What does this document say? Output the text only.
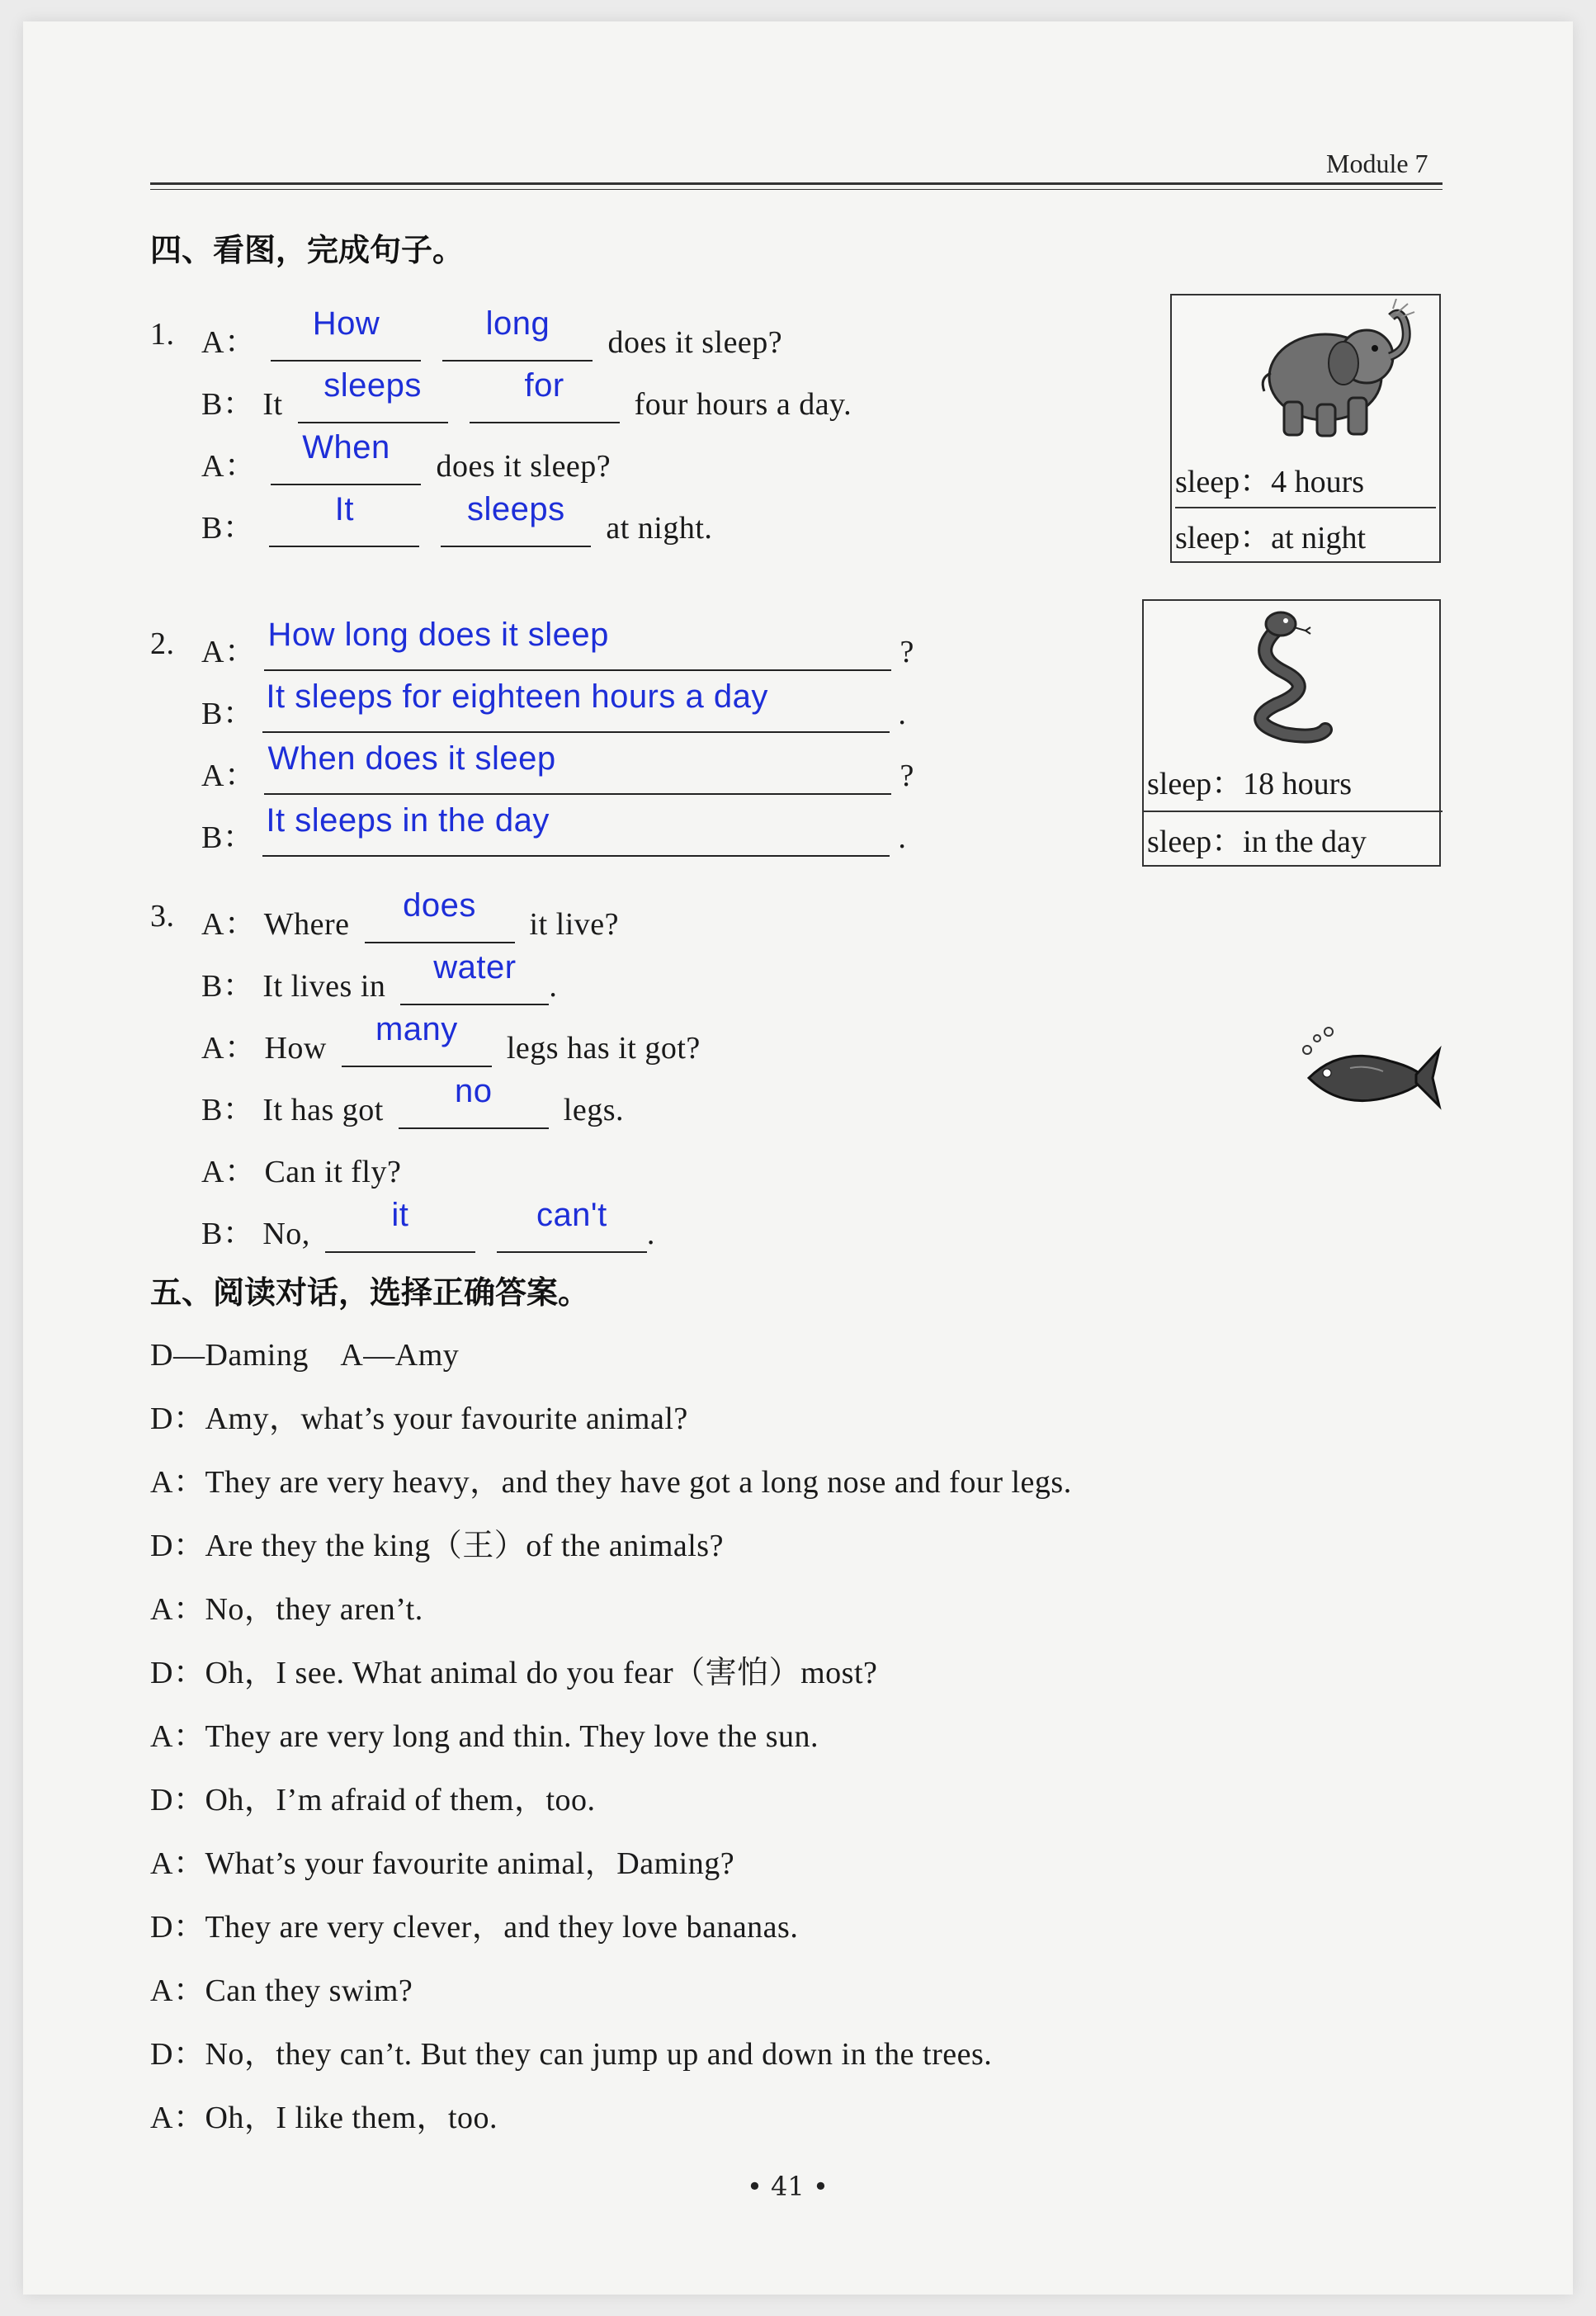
Module 7
四、看图，完成句子。
1. A：
How
	long
does it sleep?
B： It
sleeps
	for
four hours a day.
A：
When
does it sleep?
B：
It
	sleeps
at night.
sleep：4 hours
sleep：at night
2. A： How long does it sleep	?
B： It sleeps for eighteen hours a day	.
A： When does it sleep	?
B： It sleeps in the day	.
sleep：18 hours
sleep：in the day
3. A： Where
does
it live?
B： It lives in
water
.
A： How
many
legs has it got?
B： It has got
no
legs.
A： Can it fly?
B： No,
it
	can't
.
五、阅读对话，选择正确答案。
D—Daming　A—Amy
D：Amy，what’s your favourite animal?
A：They are very heavy，and they have got a long nose and four legs.
D：Are they the king（王）of the animals?
A：No，they aren’t.
D：Oh，I see. What animal do you fear（害怕）most?
A：They are very long and thin. They love the sun.
D：Oh，I’m afraid of them，too.
A：What’s your favourite animal，Daming?
D：They are very clever，and they love bananas.
A：Can they swim?
D：No，they can’t. But they can jump up and down in the trees.
A：Oh，I like them，too.
• 41 •
